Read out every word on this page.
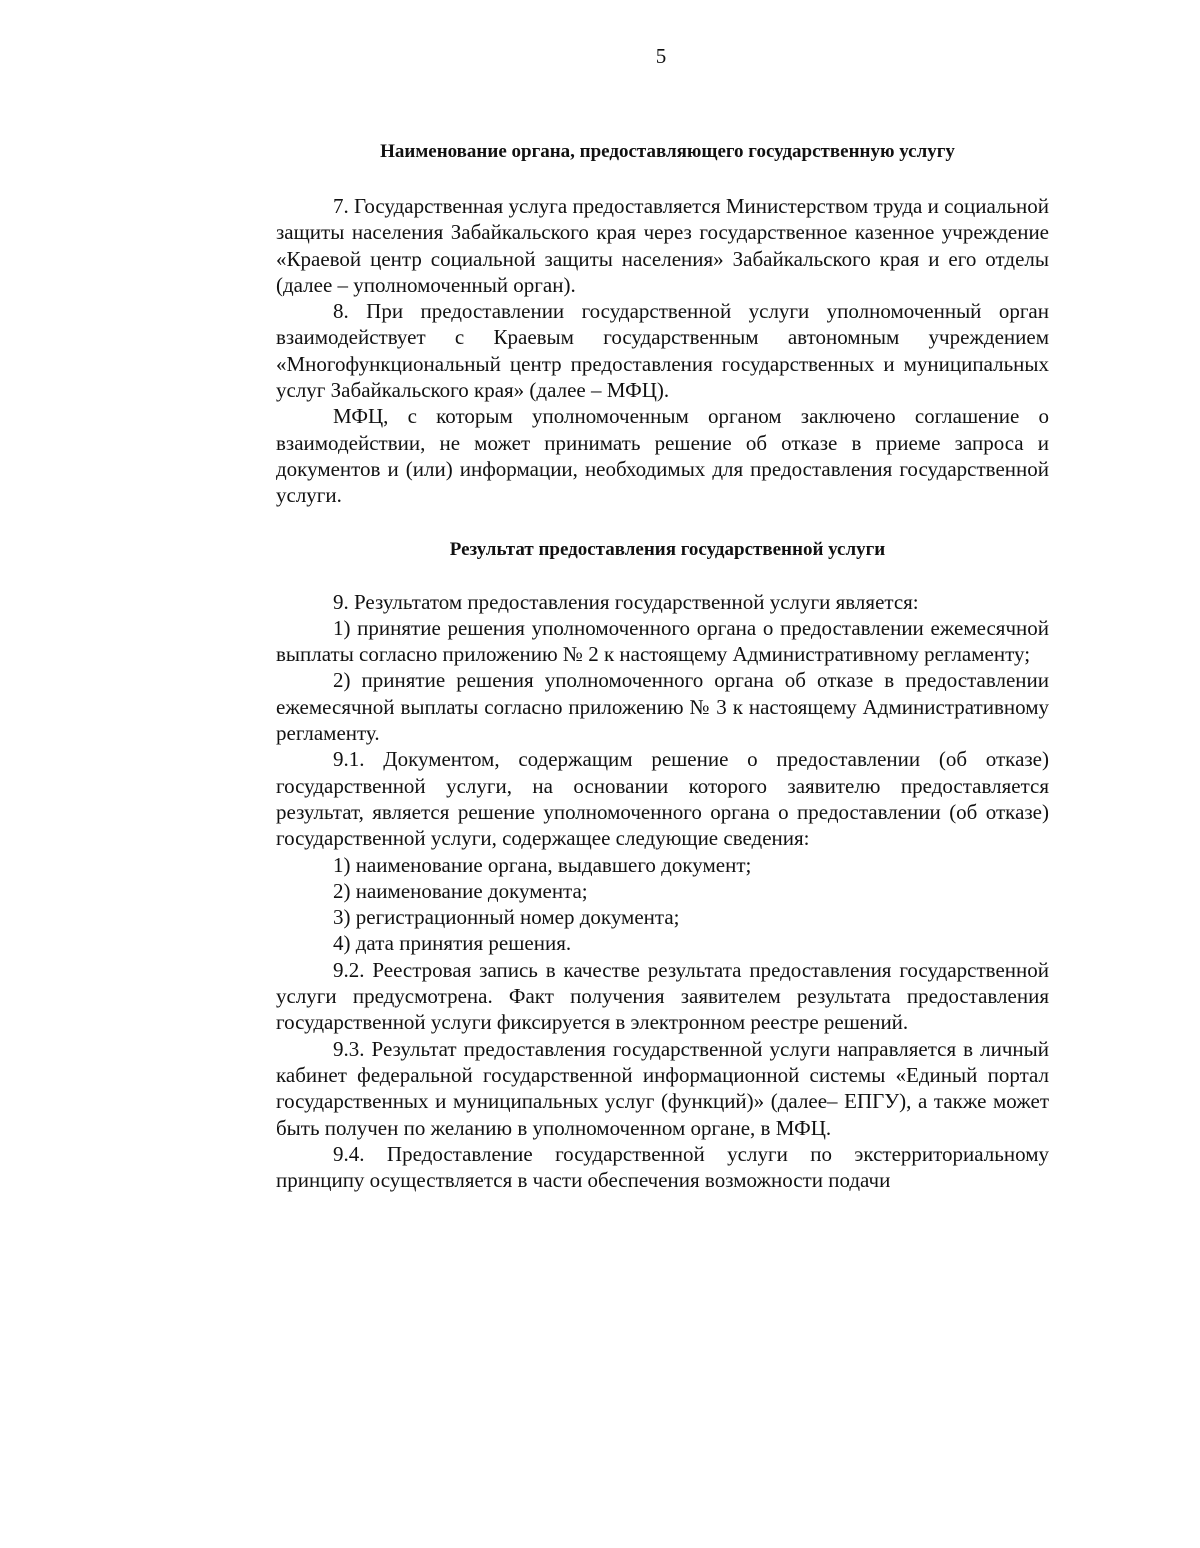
5
Наименование органа, предоставляющего государственную услугу

7. Государственная услуга предоставляется Министерством труда и социальной защиты населения Забайкальского края через государственное казенное учреждение «Краевой центр социальной защиты населения» Забайкальского края и его отделы (далее – уполномоченный орган).

8. При предоставлении государственной услуги уполномоченный орган взаимодействует с Краевым государственным автономным учреждением «Многофункциональный центр предоставления государственных и муниципальных услуг Забайкальского края» (далее – МФЦ).

МФЦ, с которым уполномоченным органом заключено соглашение о взаимодействии, не может принимать решение об отказе в приеме запроса и документов и (или) информации, необходимых для предоставления государственной услуги.

Результат предоставления государственной услуги

9. Результатом предоставления государственной услуги является:

1) принятие решения уполномоченного органа о предоставлении ежемесячной выплаты согласно приложению № 2 к настоящему Административному регламенту;

2) принятие решения уполномоченного органа об отказе в предоставлении ежемесячной выплаты согласно приложению № 3 к настоящему Административному регламенту.

9.1. Документом, содержащим решение о предоставлении (об отказе) государственной услуги, на основании которого заявителю предоставляется результат, является решение уполномоченного органа о предоставлении (об отказе) государственной услуги, содержащее следующие сведения:

1) наименование органа, выдавшего документ;

2) наименование документа;

3) регистрационный номер документа;

4) дата принятия решения.

9.2. Реестровая запись в качестве результата предоставления государственной услуги предусмотрена. Факт получения заявителем результата предоставления государственной услуги фиксируется в электронном реестре решений.

9.3. Результат предоставления государственной услуги направляется в личный кабинет федеральной государственной информационной системы «Единый портал государственных и муниципальных услуг (функций)» (далее– ЕПГУ), а также может быть получен по желанию в уполномоченном органе, в МФЦ.

9.4. Предоставление государственной услуги по экстерриториальному принципу осуществляется в части обеспечения возможности подачи
